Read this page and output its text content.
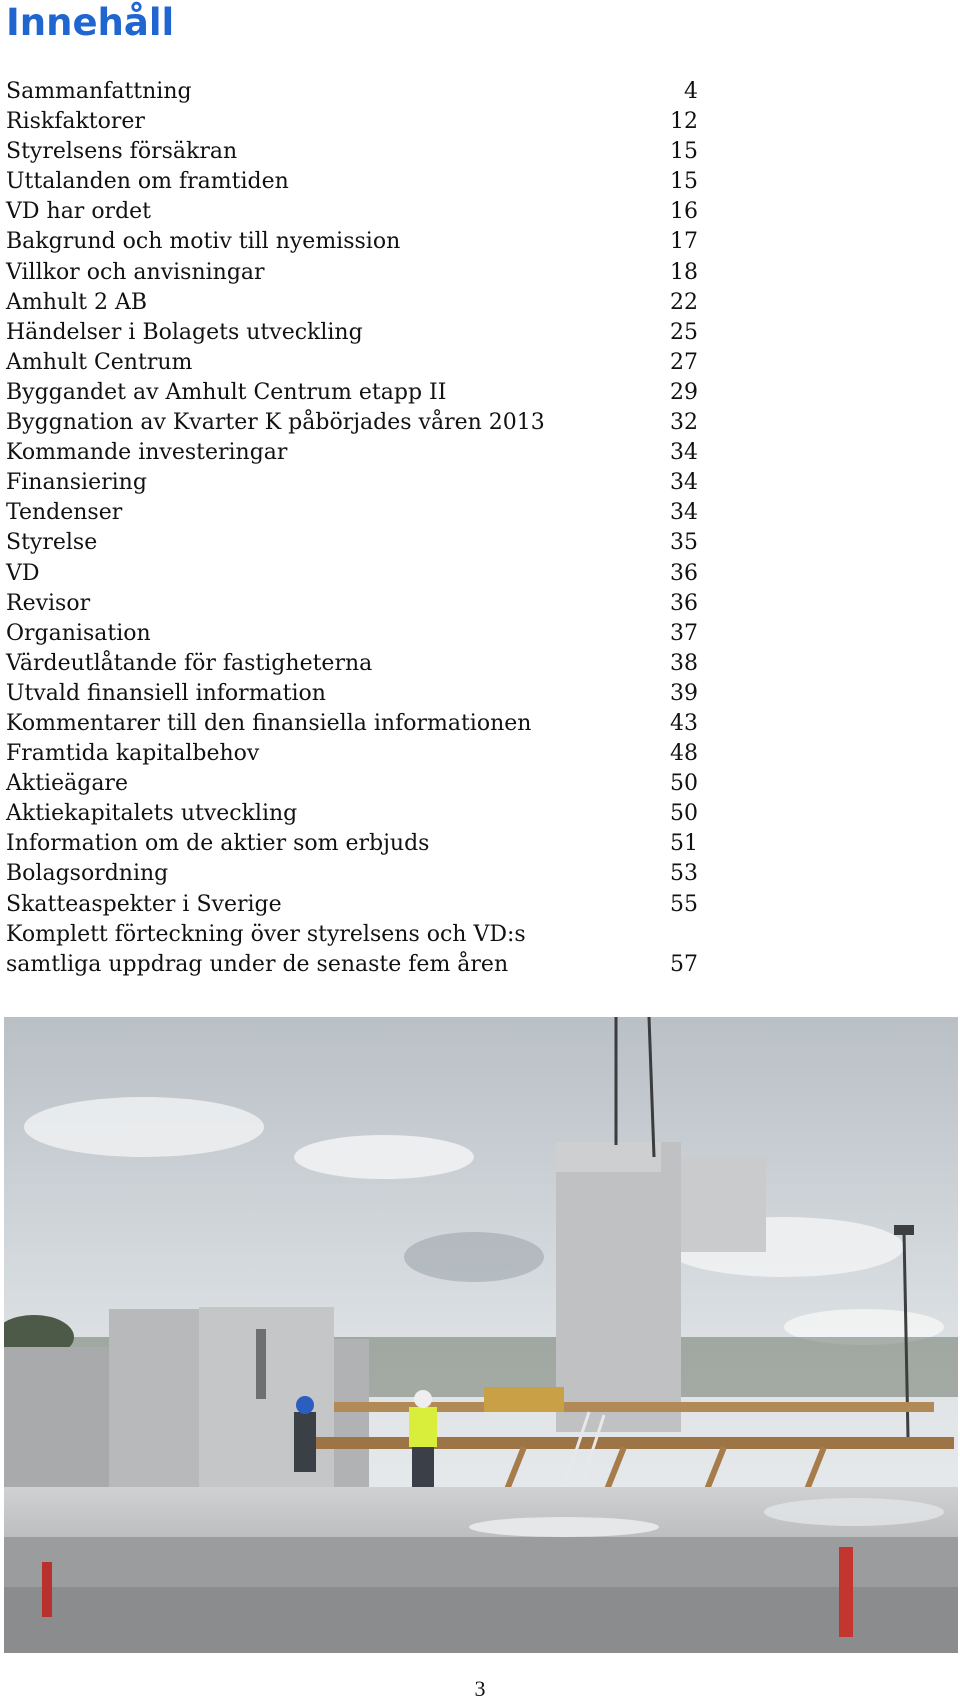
Innehåll
Sammanfattning	4
Riskfaktorer	12
Styrelsens försäkran	15
Uttalanden om framtiden	15
VD har ordet	16
Bakgrund och motiv till nyemission	17
Villkor och anvisningar	18
Amhult 2 AB	22
Händelser i Bolagets utveckling	25
Amhult Centrum	27
Byggandet av Amhult Centrum etapp II	29
Byggnation av Kvarter K påbörjades våren 2013	32
Kommande investeringar	34
Finansiering	34
Tendenser	34
Styrelse	35
VD	36
Revisor	36
Organisation	37
Värdeutlåtande för fastigheterna	38
Utvald finansiell information	39
Kommentarer till den finansiella informationen	43
Framtida kapitalbehov	48
Aktieägare	50
Aktiekapitalets utveckling	50
Information om de aktier som erbjuds	51
Bolagsordning	53
Skatteaspekter i Sverige	55
Komplett förteckning över styrelsens och VD:s
samtliga uppdrag under de senaste fem åren	57
3
